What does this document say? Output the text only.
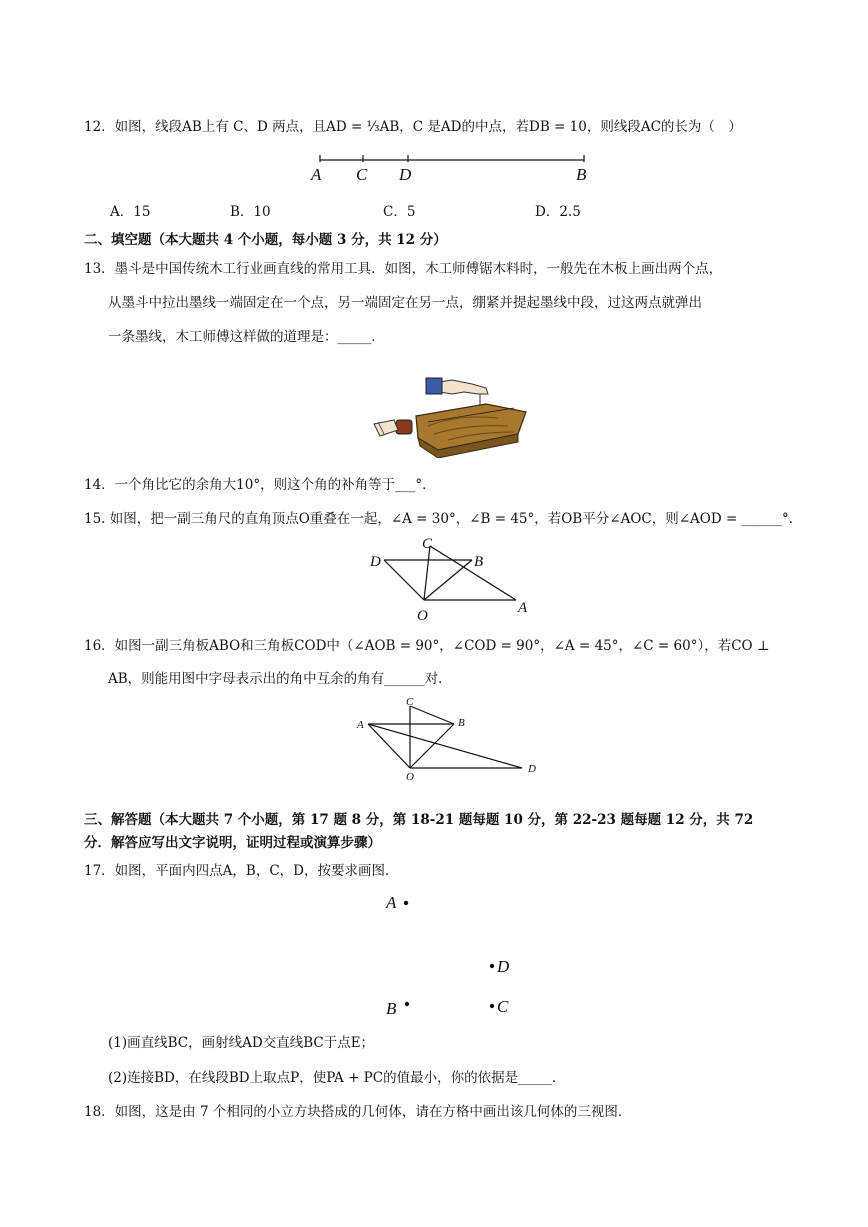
12．如图，线段AB上有 C、D 两点，且AD = ⅓AB，C 是AD的中点，若DB = 10，则线段AC的长为（　）
A C D	B
A．15	B．10	C．5	D．2.5
二、填空题（本大题共 4 个小题，每小题 3 分，共 12 分）
13．墨斗是中国传统木工行业画直线的常用工具．如图，木工师傅锯木料时，一般先在木板上画出两个点，
从墨斗中拉出墨线一端固定在一个点，另一端固定在另一点，绷紧并提起墨线中段，过这两点就弹出
一条墨线，木工师傅这样做的道理是：_____．
14．一个角比它的余角大10°，则这个角的补角等于___°．
15. 如图，把一副三角尺的直角顶点O重叠在一起，∠A = 30°，∠B = 45°，若OB平分∠AOC，则∠AOD = ______°．
D
C
B
O	A
16．如图一副三角板ABO和三角板COD中（∠AOB = 90°，∠COD = 90°，∠A = 45°，∠C = 60°），若CO ⊥
AB，则能用图中字母表示出的角中互余的角有______对．
C
A	B
O
D
三、解答题（本大题共 7 个小题，第 17 题 8 分，第 18-21 题每题 10 分，第 22-23 题每题 12 分，共 72
分．解答应写出文字说明，证明过程或演算步骤）
17．如图，平面内四点A，B，C，D，按要求画图．
A
D
B	C
(1)画直线BC，画射线AD交直线BC于点E；
(2)连接BD，在线段BD上取点P，使PA + PC的值最小，你的依据是_____．
18．如图，这是由 7 个相同的小立方块搭成的几何体，请在方格中画出该几何体的三视图．
